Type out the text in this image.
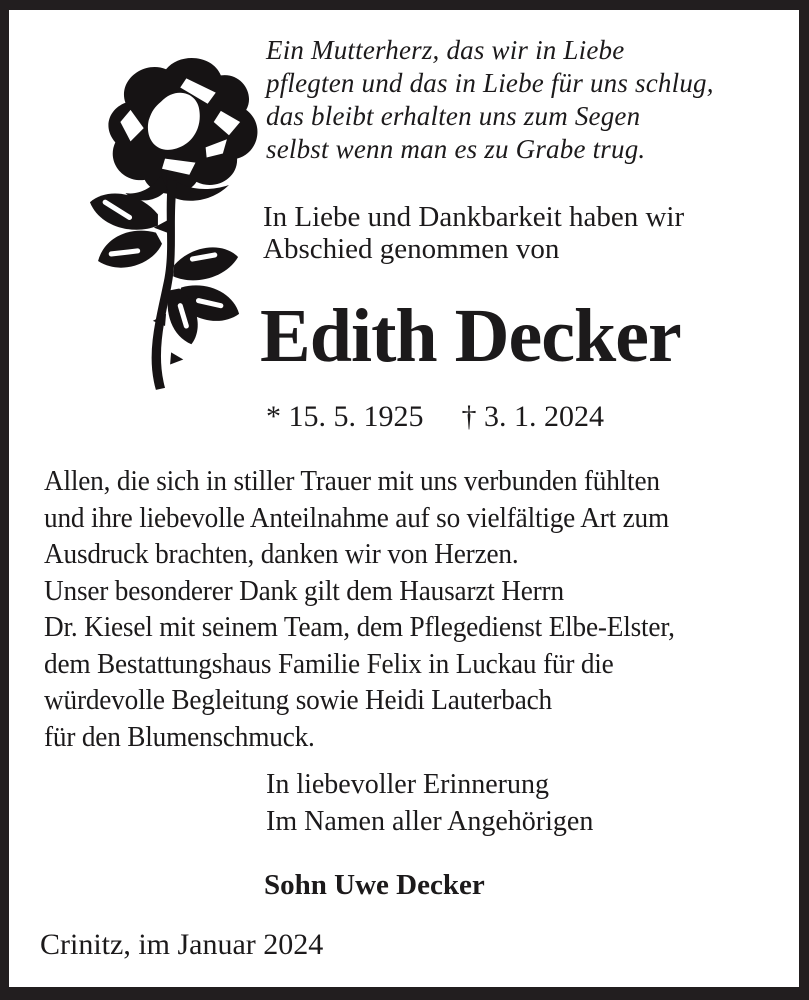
Ein Mutterherz, das wir in Liebe
pflegten und das in Liebe für uns schlug,
das bleibt erhalten uns zum Segen
selbst wenn man es zu Grabe trug.
In Liebe und Dankbarkeit haben wir
Abschied genommen von
Edith Decker
* 15. 5. 1925 † 3. 1. 2024
Allen, die sich in stiller Trauer mit uns verbunden fühlten
und ihre liebevolle Anteilnahme auf so vielfältige Art zum
Ausdruck brachten, danken wir von Herzen.
Unser besonderer Dank gilt dem Hausarzt Herrn
Dr. Kiesel mit seinem Team, dem Pflegedienst Elbe-Elster,
dem Bestattungshaus Familie Felix in Luckau für die
würdevolle Begleitung sowie Heidi Lauterbach
für den Blumenschmuck.
In liebevoller Erinnerung
Im Namen aller Angehörigen
Sohn Uwe Decker
Crinitz, im Januar 2024
